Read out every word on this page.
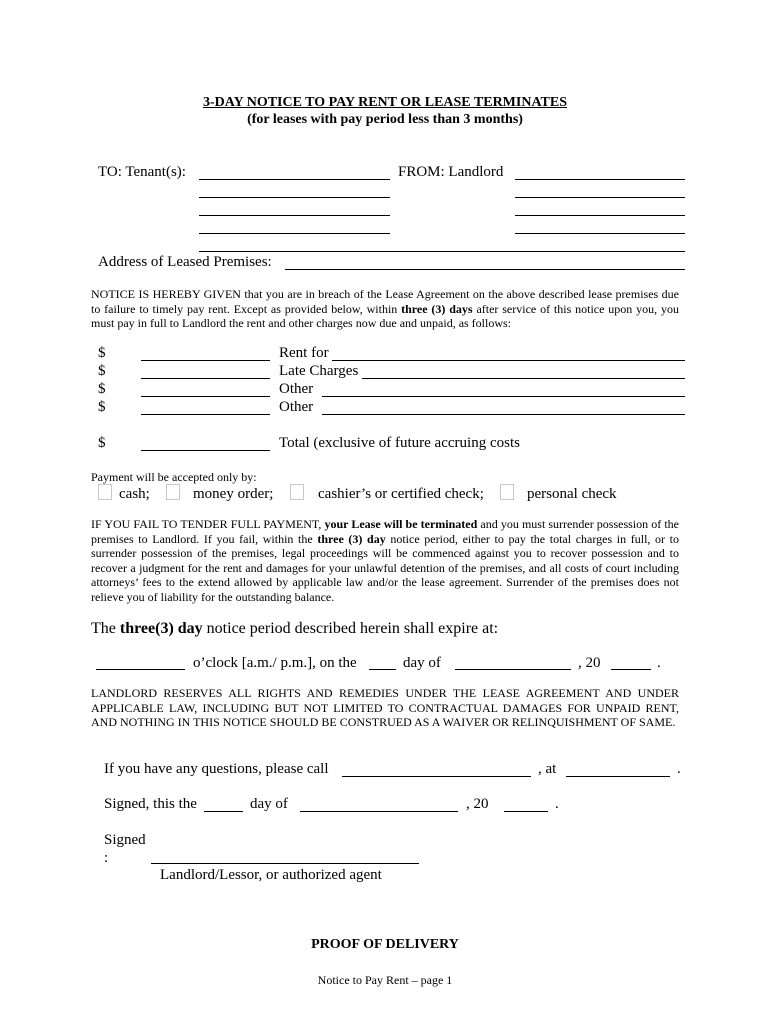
3-DAY NOTICE TO PAY RENT OR LEASE TERMINATES
(for leases with pay period less than 3 months)
TO: Tenant(s):	FROM: Landlord
Address of Leased Premises:
NOTICE IS HEREBY GIVEN that you are in breach of the Lease Agreement on the above described lease premises due to failure to timely pay rent. Except as provided below, within three (3) days after service of this notice upon you, you must pay in full to Landlord the rent and other charges now due and unpaid, as follows:
$	Rent for
$	Late Charges
$	Other
$	Other
$	Total (exclusive of future accruing costs
Payment will be accepted only by:
cash;	money order;	cashier’s or certified check;	personal check
IF YOU FAIL TO TENDER FULL PAYMENT, your Lease will be terminated and you must surrender possession of the premises to Landlord. If you fail, within the three (3) day notice period, either to pay the total charges in full, or to surrender possession of the premises, legal proceedings will be commenced against you to recover possession and to recover a judgment for the rent and damages for your unlawful detention of the premises, and all costs of court including attorneys’ fees to the extend allowed by applicable law and/or the lease agreement. Surrender of the premises does not relieve you of liability for the outstanding balance.
The three(3) day notice period described herein shall expire at:
o’clock [a.m./ p.m.], on the	day of	, 20	.
LANDLORD RESERVES ALL RIGHTS AND REMEDIES UNDER THE LEASE AGREEMENT AND UNDER APPLICABLE LAW, INCLUDING BUT NOT LIMITED TO CONTRACTUAL DAMAGES FOR UNPAID RENT, AND NOTHING IN THIS NOTICE SHOULD BE CONSTRUED AS A WAIVER OR RELINQUISHMENT OF SAME.
If you have any questions, please call	, at	.
Signed, this the	day of	, 20	.
Signed
:
Landlord/Lessor, or authorized agent
PROOF OF DELIVERY
Notice to Pay Rent – page 1
